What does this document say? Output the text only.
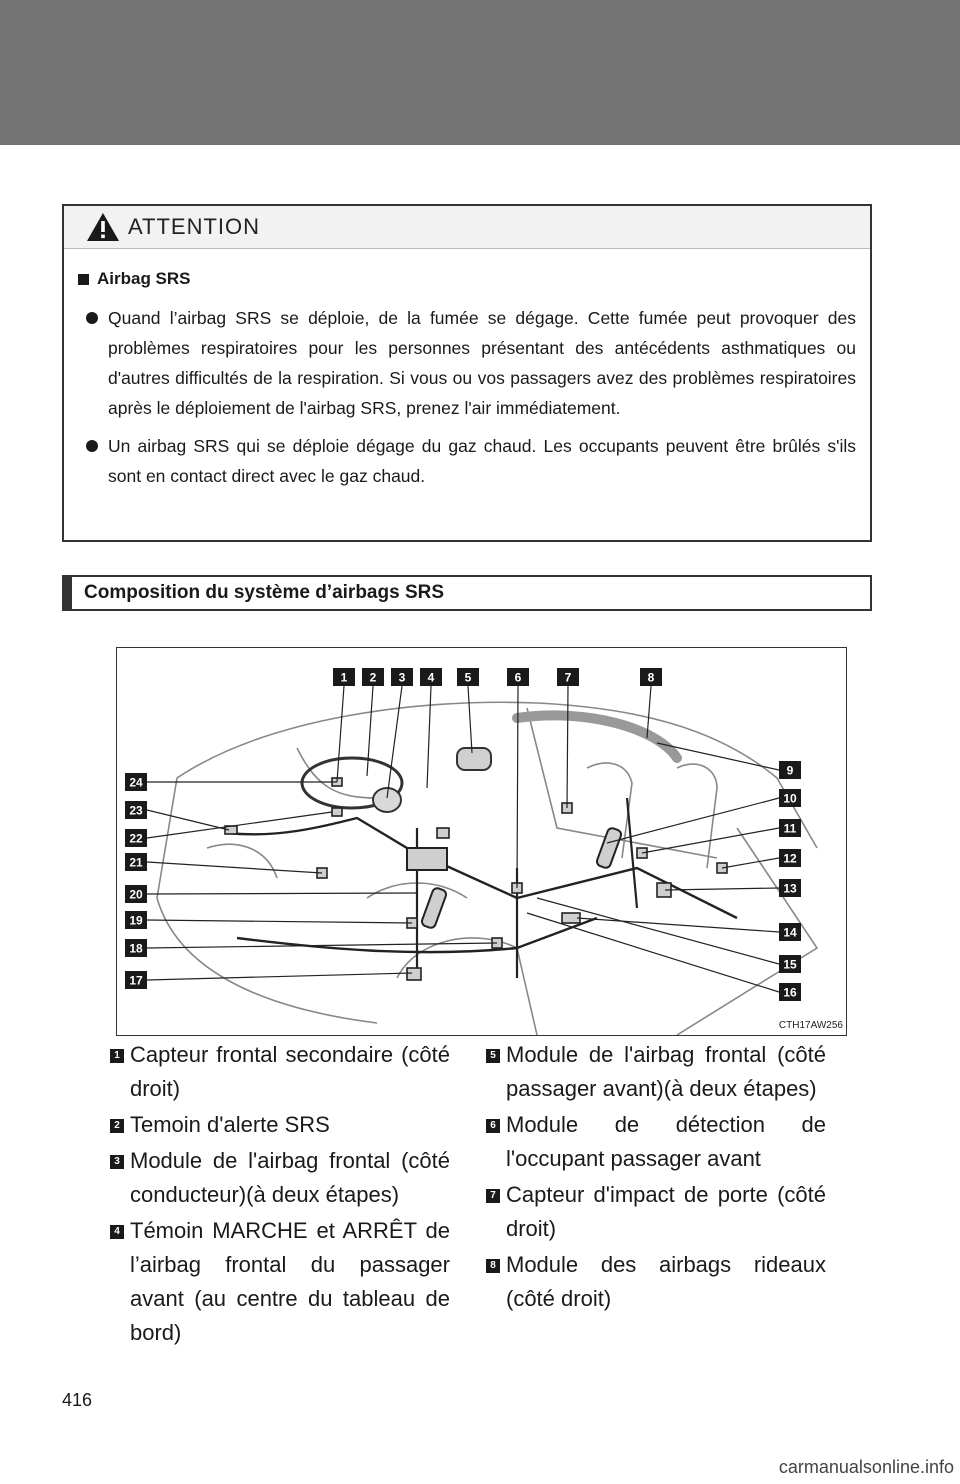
ATTENTION
Airbag SRS
Quand l’airbag SRS se déploie, de la fumée se dégage. Cette fumée peut provoquer des problèmes respiratoires pour les personnes présentant des antécédents asthmatiques ou d'autres difficultés de la respiration. Si vous ou vos passagers avez des problèmes respiratoires après le déploiement de l'airbag SRS, prenez l'air immédiatement.
Un airbag SRS qui se déploie dégage du gaz chaud. Les occupants peuvent être brûlés s'ils sont en contact direct avec le gaz chaud.
Composition du système d’airbags SRS
1 2 3 4	5	6	7	8
9
10
11
12
13
14
15
16
24
23
22
21
20
19
18
17
CTH17AW256
1 Capteur frontal secondaire (côté droit)
2 Temoin d'alerte SRS
3 Module de l'airbag frontal (côté conducteur)(à deux étapes)
4 Témoin MARCHE et ARRÊT de l’airbag frontal du passager avant (au centre du tableau de bord)
5 Module de l'airbag frontal (côté passager avant)(à deux étapes)
6 Module de détection de l'occupant passager avant
7 Capteur d'impact de porte (côté droit)
8 Module des airbags rideaux (côté droit)
416
carmanualsonline.info
